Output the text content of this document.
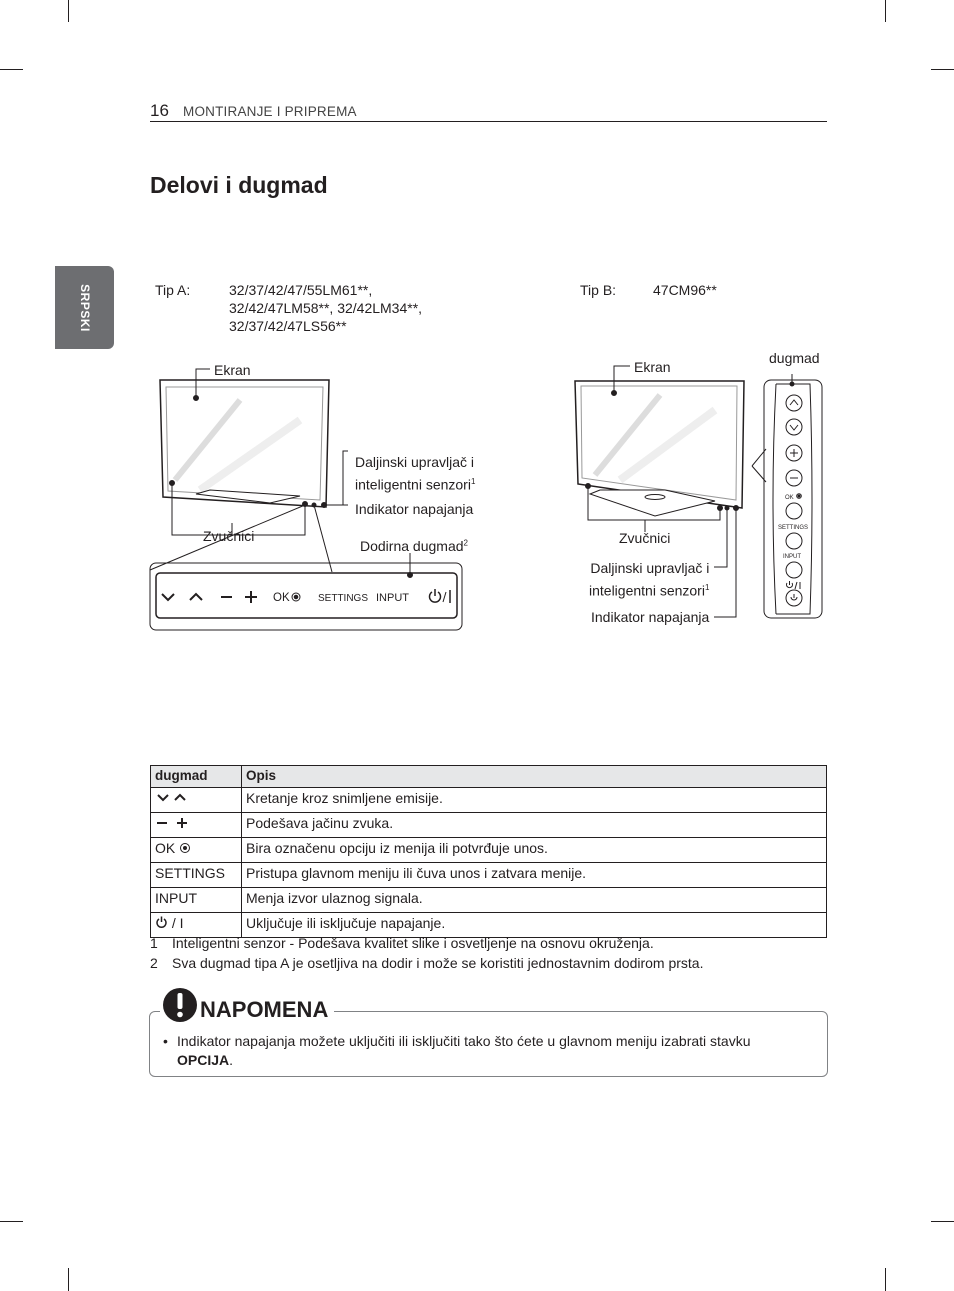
16 MONTIRANJE I PRIPREMA
SRPSKI
Delovi i dugmad
Tip A:	32/37/42/47/55LM61**,
32/42/47LM58**, 32/42LM34**,
32/37/42/47LS56**
Tip B:	47CM96**
OK	SETTINGS INPUT
OK
SETTINGS
INPUT
Ekran
Zvučnici
Daljinski upravljač i
inteligentni senzori$^1$
Indikator napajanja
Dodirna dugmad$^2$
Ekran
dugmad
Zvučnici
Daljinski upravljač i
inteligentni senzori$^1$
Indikator napajanja
dugmad	Opis
	Kretanje kroz snimljene emisije.
	Podešava jačinu zvuka.
OK	Bira označenu opciju iz menija ili potvrđuje unos.
SETTINGS	Pristupa glavnom meniju ili čuva unos i zatvara menije.
INPUT	Menja izvor ulaznog signala.
/ I	Uključuje ili isključuje napajanje.
1 Inteligentni senzor - Podešava kvalitet slike i osvetljenje na osnovu okruženja.
2 Sva dugmad tipa A je osetljiva na dodir i može se koristiti jednostavnim dodirom prsta.
NAPOMENA
• Indikator napajanja možete uključiti ili isključiti tako što ćete u glavnom meniju izabrati stavku OPCIJA.
